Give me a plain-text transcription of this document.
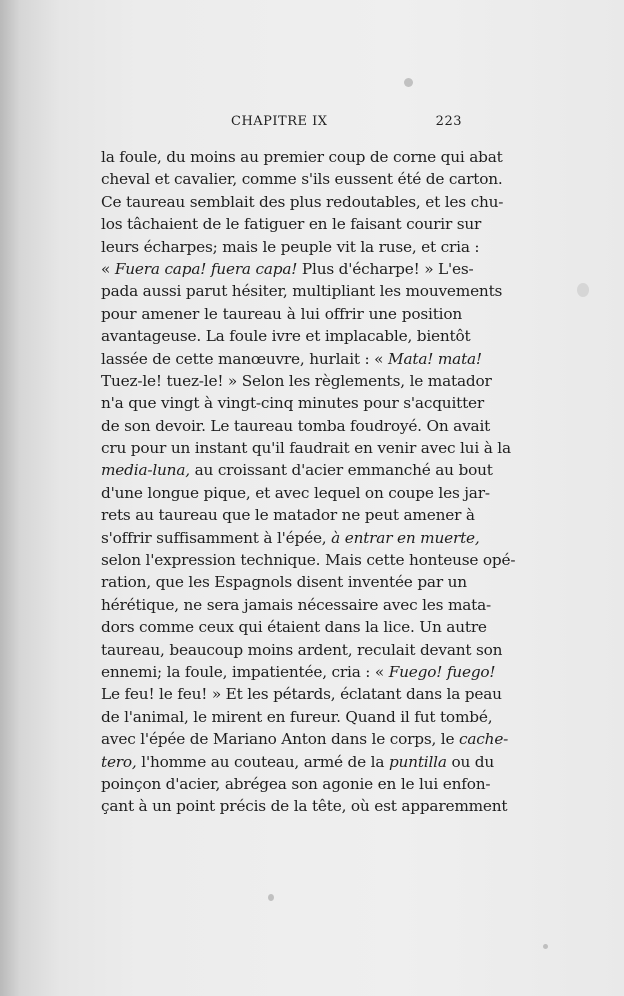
CHAPITRE IX	223
la foule, du moins au premier coup de corne qui abat
cheval et cavalier, comme s'ils eussent été de carton.
Ce taureau semblait des plus redoutables, et les chu-
los tâchaient de le fatiguer en le faisant courir sur
leurs écharpes; mais le peuple vit la ruse, et cria :
« Fuera capa! fuera capa! Plus d'écharpe! » L'es-
pada aussi parut hésiter, multipliant les mouvements
pour amener le taureau à lui offrir une position
avantageuse. La foule ivre et implacable, bientôt
lassée de cette manœuvre, hurlait : « Mata! mata!
Tuez-le! tuez-le! » Selon les règlements, le matador
n'a que vingt à vingt-cinq minutes pour s'acquitter
de son devoir. Le taureau tomba foudroyé. On avait
cru pour un instant qu'il faudrait en venir avec lui à la
media-luna, au croissant d'acier emmanché au bout
d'une longue pique, et avec lequel on coupe les jar-
rets au taureau que le matador ne peut amener à
s'offrir suffisamment à l'épée, à entrar en muerte,
selon l'expression technique. Mais cette honteuse opé-
ration, que les Espagnols disent inventée par un
hérétique, ne sera jamais nécessaire avec les mata-
dors comme ceux qui étaient dans la lice. Un autre
taureau, beaucoup moins ardent, reculait devant son
ennemi; la foule, impatientée, cria : « Fuego! fuego!
Le feu! le feu! » Et les pétards, éclatant dans la peau
de l'animal, le mirent en fureur. Quand il fut tombé,
avec l'épée de Mariano Anton dans le corps, le cache-
tero, l'homme au couteau, armé de la puntilla ou du
poinçon d'acier, abrégea son agonie en le lui enfon-
çant à un point précis de la tête, où est apparemment
